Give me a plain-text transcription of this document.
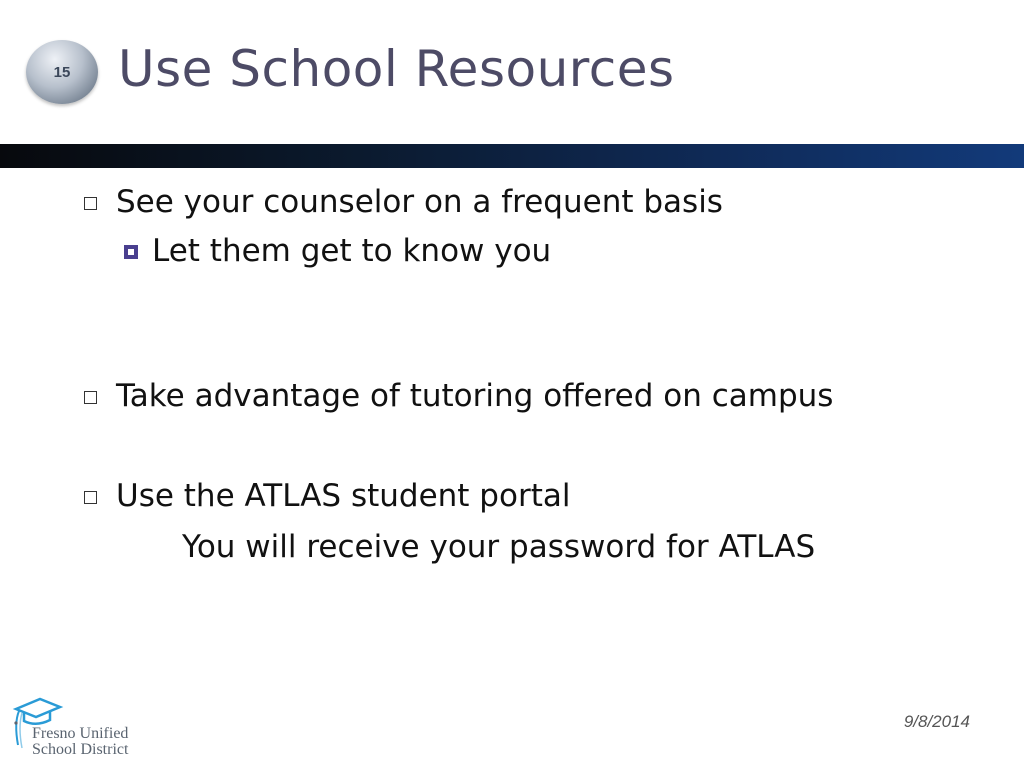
15 Use School Resources
See your counselor on a frequent basis
Let them get to know you
Take advantage of tutoring offered on campus
Use the ATLAS student portal
You will receive your password for ATLAS
Fresno Unified
School District
9/8/2014
